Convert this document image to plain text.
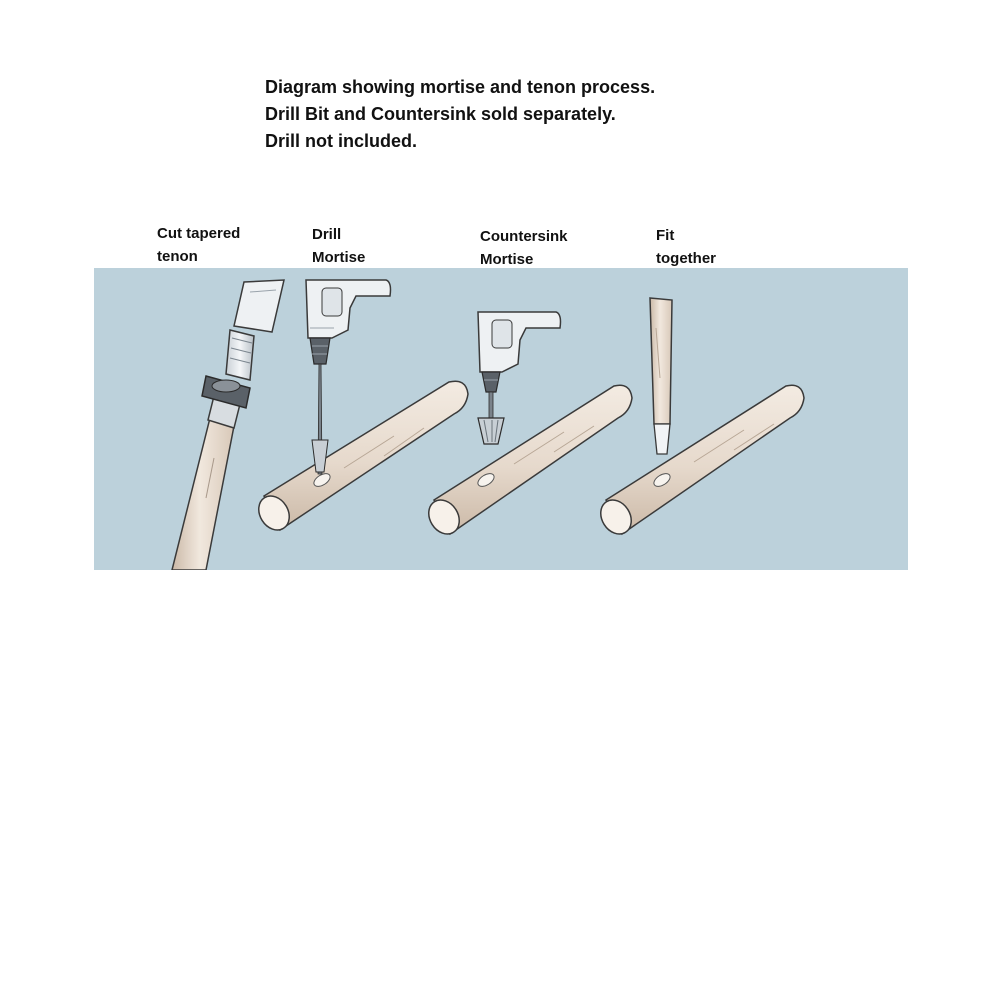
Diagram showing mortise and tenon process.
Drill Bit and Countersink sold separately.
Drill not included.
Cut tapered
tenon
Drill
Mortise
Countersink
Mortise
Fit
together
